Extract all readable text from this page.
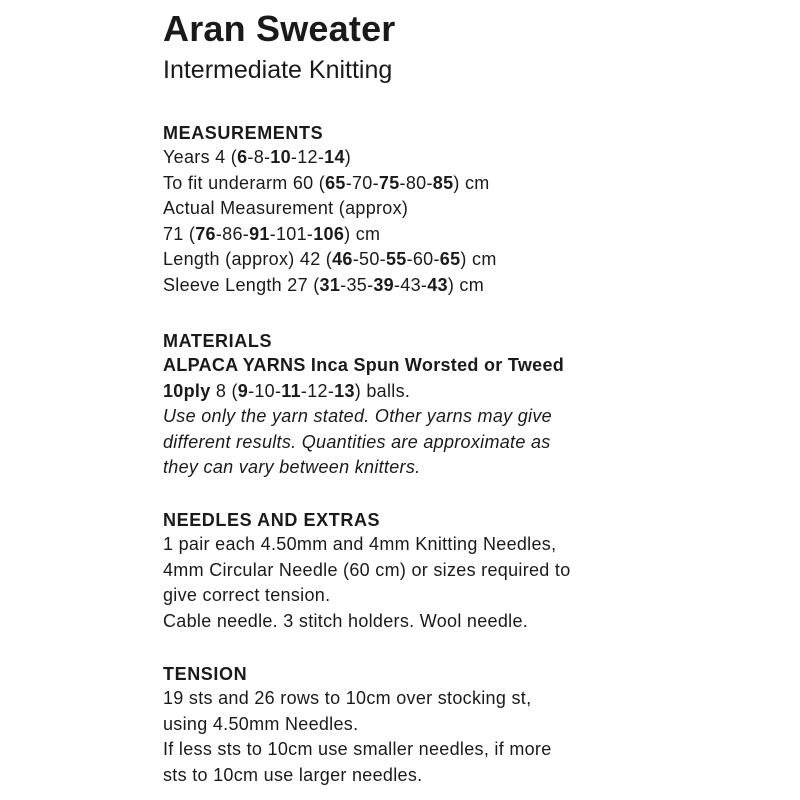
Aran Sweater
Intermediate Knitting
MEASUREMENTS
Years 4 (6-8-10-12-14)
To fit underarm 60 (65-70-75-80-85) cm
Actual Measurement (approx)
71 (76-86-91-101-106) cm
Length (approx) 42 (46-50-55-60-65) cm
Sleeve Length 27 (31-35-39-43-43) cm
MATERIALS
ALPACA YARNS Inca Spun Worsted or Tweed
10ply 8 (9-10-11-12-13) balls.
Use only the yarn stated. Other yarns may give
different results. Quantities are approximate as
they can vary between knitters.
NEEDLES AND EXTRAS
1 pair each 4.50mm and 4mm Knitting Needles,
4mm Circular Needle (60 cm) or sizes required to
give correct tension.
Cable needle. 3 stitch holders. Wool needle.
TENSION
19 sts and 26 rows to 10cm over stocking st,
using 4.50mm Needles.
If less sts to 10cm use smaller needles, if more
sts to 10cm use larger needles.
